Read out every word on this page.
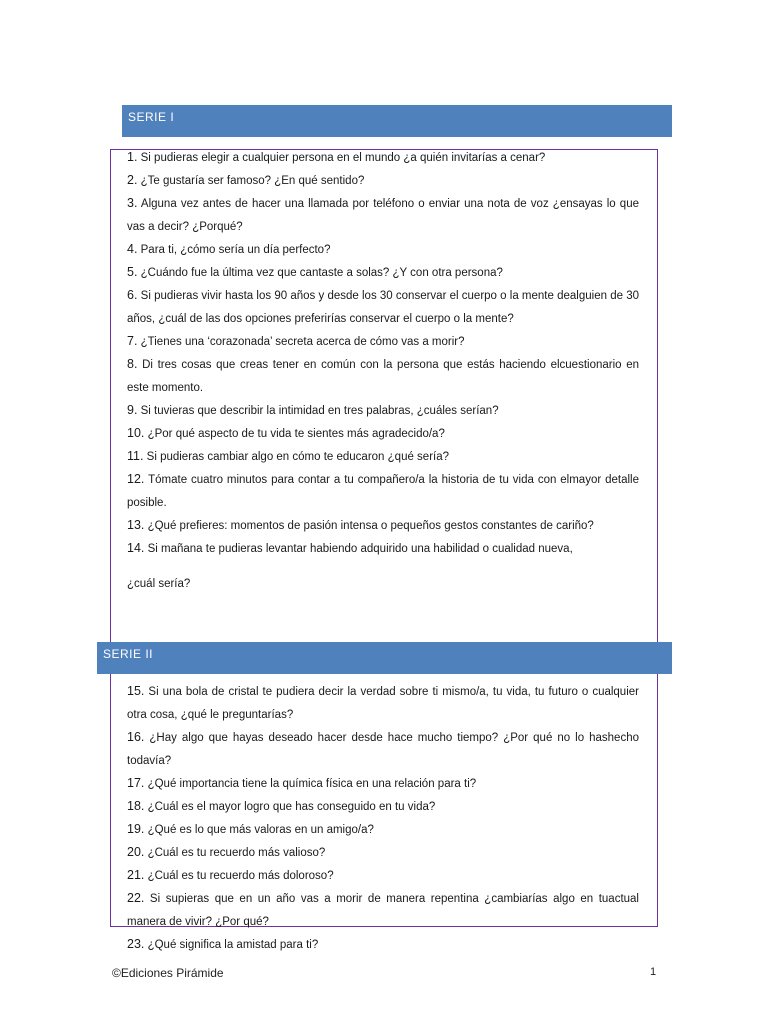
SERIE I
1. Si pudieras elegir a cualquier persona en el mundo ¿a quién invitarías a cenar?
2. ¿Te gustaría ser famoso? ¿En qué sentido?
3. Alguna vez antes de hacer una llamada por teléfono o enviar una nota de voz ¿ensayas lo que vas a decir? ¿Porqué?
4. Para ti, ¿cómo sería un día perfecto?
5. ¿Cuándo fue la última vez que cantaste a solas? ¿Y con otra persona?
6. Si pudieras vivir hasta los 90 años y desde los 30 conservar el cuerpo o la mente dealguien de 30 años, ¿cuál de las dos opciones preferirías conservar el cuerpo o la mente?
7. ¿Tienes una ‘corazonada’ secreta acerca de cómo vas a morir?
8. Di tres cosas que creas tener en común con la persona que estás haciendo elcuestionario en este momento.
9. Si tuvieras que describir la intimidad en tres palabras, ¿cuáles serían?
10. ¿Por qué aspecto de tu vida te sientes más agradecido/a?
11. Si pudieras cambiar algo en cómo te educaron ¿qué sería?
12. Tómate cuatro minutos para contar a tu compañero/a la historia de tu vida con elmayor detalle posible.
13. ¿Qué prefieres: momentos de pasión intensa o pequeños gestos constantes de cariño?
14. Si mañana te pudieras levantar habiendo adquirido una habilidad o cualidad nueva,
¿cuál sería?
SERIE II
15. Si una bola de cristal te pudiera decir la verdad sobre ti mismo/a, tu vida, tu futuro o cualquier otra cosa, ¿qué le preguntarías?
16. ¿Hay algo que hayas deseado hacer desde hace mucho tiempo? ¿Por qué no lo hashecho todavía?
17. ¿Qué importancia tiene la química física en una relación para ti?
18. ¿Cuál es el mayor logro que has conseguido en tu vida?
19. ¿Qué es lo que más valoras en un amigo/a?
20. ¿Cuál es tu recuerdo más valioso?
21. ¿Cuál es tu recuerdo más doloroso?
22. Si supieras que en un año vas a morir de manera repentina ¿cambiarías algo en tuactual manera de vivir? ¿Por qué?
23. ¿Qué significa la amistad para ti?
©Ediciones Pirámide	1
